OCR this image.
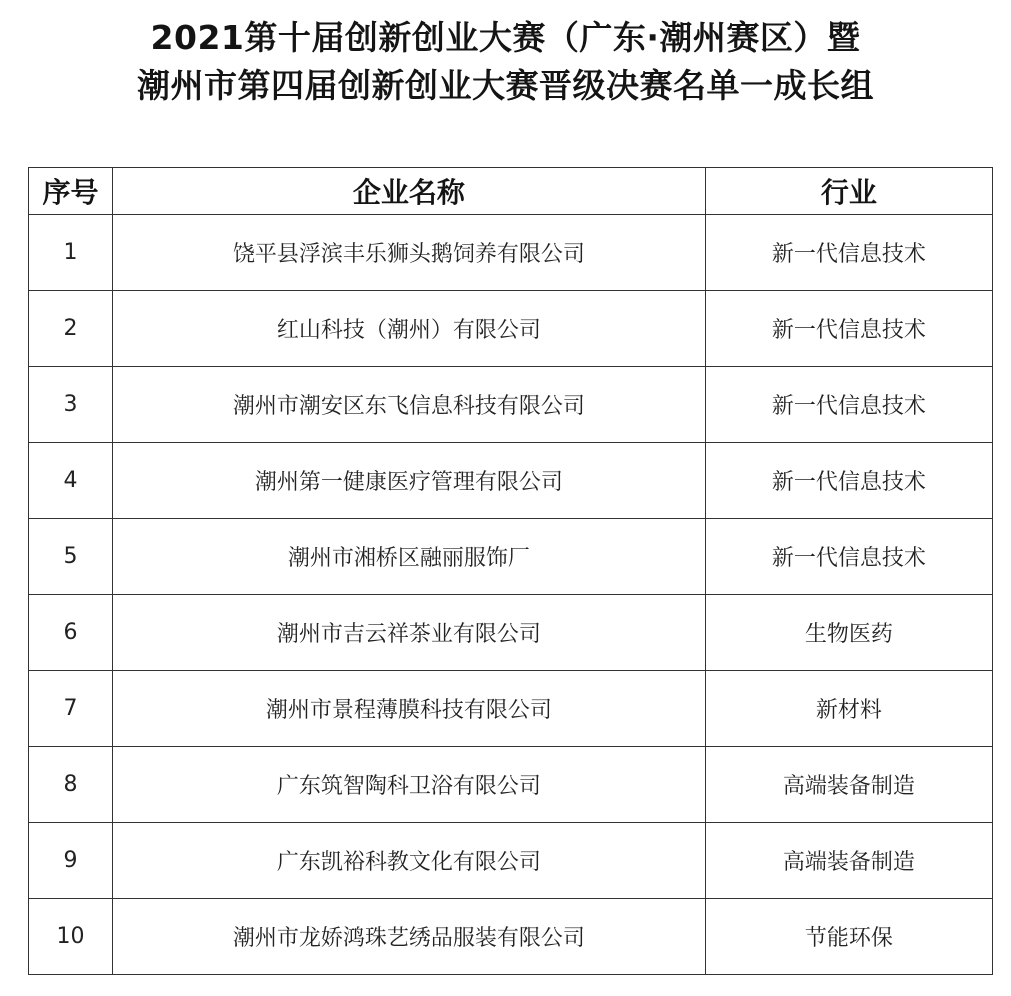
2021第十届创新创业大赛（广东·潮州赛区）暨
潮州市第四届创新创业大赛晋级决赛名单一成长组
序号	企业名称	行业
1	饶平县浮滨丰乐狮头鹅饲养有限公司	新一代信息技术
2	红山科技（潮州）有限公司	新一代信息技术
3	潮州市潮安区东飞信息科技有限公司	新一代信息技术
4	潮州第一健康医疗管理有限公司	新一代信息技术
5	潮州市湘桥区融丽服饰厂	新一代信息技术
6	潮州市吉云祥茶业有限公司	生物医药
7	潮州市景程薄膜科技有限公司	新材料
8	广东筑智陶科卫浴有限公司	高端装备制造
9	广东凯裕科教文化有限公司	高端装备制造
10	潮州市龙娇鸿珠艺绣品服装有限公司	节能环保
